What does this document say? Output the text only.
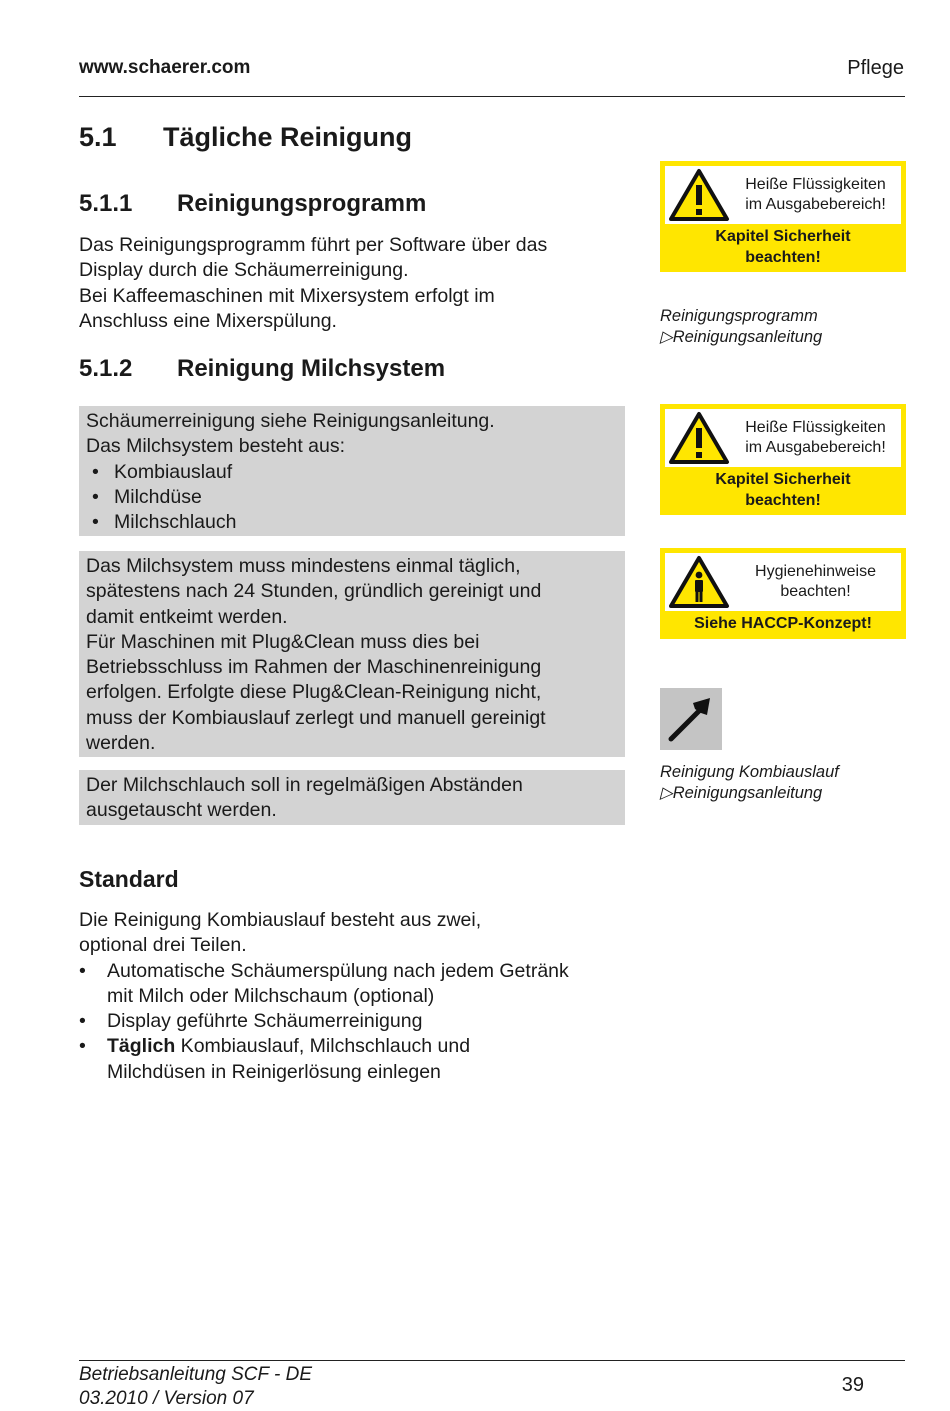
www.schaerer.com	Pflege
5.1 Tägliche Reinigung
5.1.1 Reinigungsprogramm
Das Reinigungsprogramm führt per Software über das
Display durch die Schäumerreinigung.
Bei Kaffeemaschinen mit Mixersystem erfolgt im
Anschluss eine Mixerspülung.
5.1.2 Reinigung Milchsystem
Schäumerreinigung siehe Reinigungsanleitung.
Das Milchsystem besteht aus:
• Kombiauslauf
• Milchdüse
• Milchschlauch
Das Milchsystem muss mindestens einmal täglich,
spätestens nach 24 Stunden, gründlich gereinigt und
damit entkeimt werden.
Für Maschinen mit Plug&Clean muss dies bei
Betriebsschluss im Rahmen der Maschinenreinigung
erfolgen. Erfolgte diese Plug&Clean-Reinigung nicht,
muss der Kombiauslauf zerlegt und manuell gereinigt
werden.
Der Milchschlauch soll in regelmäßigen Abständen
ausgetauscht werden.
Standard
Die Reinigung Kombiauslauf besteht aus zwei,
optional drei Teilen.
• Automatische Schäumerspülung nach jedem Getränk
mit Milch oder Milchschaum (optional)
• Display geführte Schäumerreinigung
• Täglich Kombiauslauf, Milchschlauch und
Milchdüsen in Reinigerlösung einlegen
Heiße Flüssigkeiten
im Ausgabebereich!
Kapitel Sicherheit
beachten!
Reinigungsprogramm
▷Reinigungsanleitung
Heiße Flüssigkeiten
im Ausgabebereich!
Kapitel Sicherheit
beachten!
Hygienehinweise
beachten!
Siehe HACCP-Konzept!
Reinigung Kombiauslauf
▷Reinigungsanleitung
Betriebsanleitung SCF - DE
03.2010 / Version 07
39
